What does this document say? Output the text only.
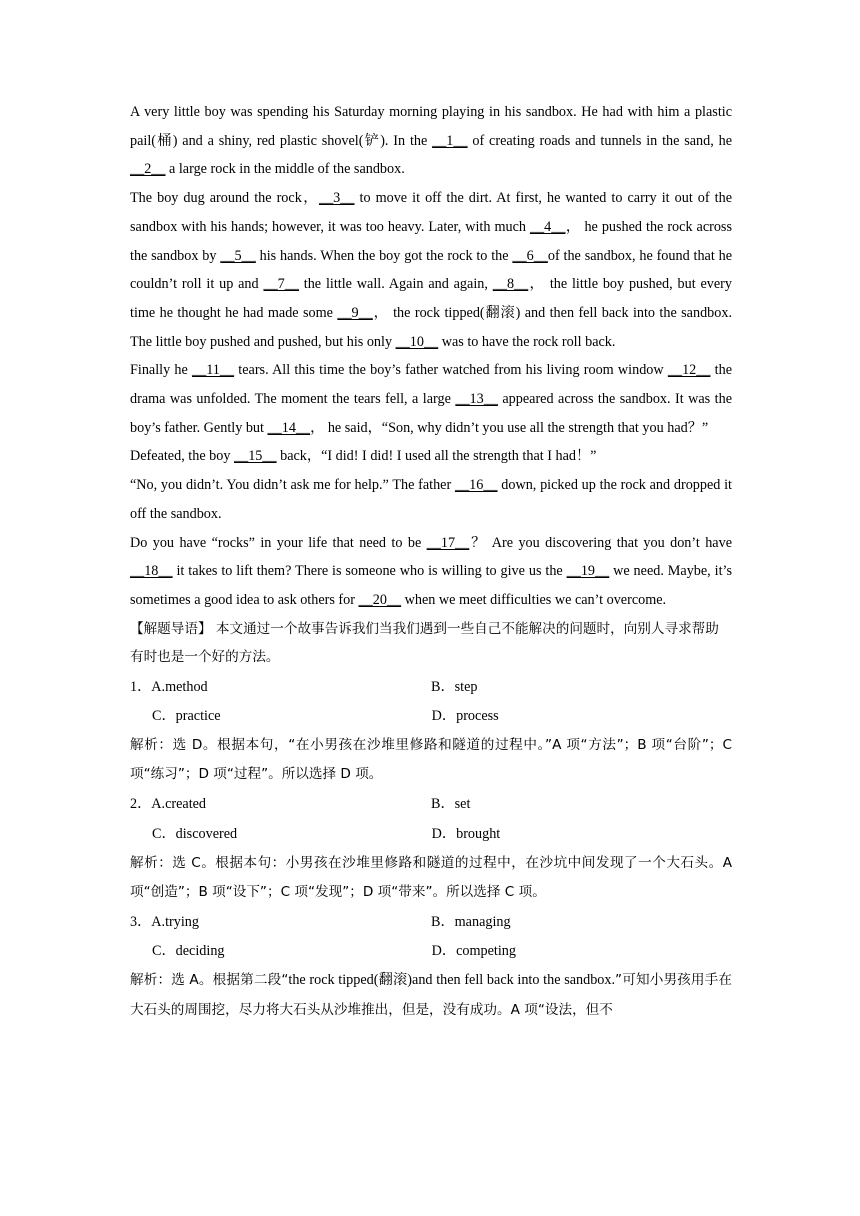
A very little boy was spending his Saturday morning playing in his sandbox. He had with him a plastic pail(桶) and a shiny, red plastic shovel(铲). In the __1__ of creating roads and tunnels in the sand, he __2__ a large rock in the middle of the sandbox.

The boy dug around the rock，__3__ to move it off the dirt. At first, he wanted to carry it out of the sandbox with his hands; however, it was too heavy. Later, with much __4__， he pushed the rock across the sandbox by __5__ his hands. When the boy got the rock to the __6__of the sandbox, he found that he couldn’t roll it up and __7__ the little wall. Again and again, __8__， the little boy pushed, but every time he thought he had made some __9__， the rock tipped(翻滚) and then fell back into the sandbox. The little boy pushed and pushed, but his only __10__ was to have the rock roll back.

Finally he __11__ tears. All this time the boy’s father watched from his living room window __12__ the drama was unfolded. The moment the tears fell, a large __13__ appeared across the sandbox. It was the boy’s father. Gently but __14__， he said，“Son, why didn’t you use all the strength that you had？”

Defeated, the boy __15__ back，“I did! I did! I used all the strength that I had！”

“No, you didn’t. You didn’t ask me for help.” The father __16__ down, picked up the rock and dropped it off the sandbox.

Do you have “rocks” in your life that need to be __17__？ Are you discovering that you don’t have __18__ it takes to lift them? There is someone who is willing to give us the __19__ we need. Maybe, it’s sometimes a good idea to ask others for __20__ when we meet difficulties we can’t overcome.

【解题导语】 本文通过一个故事告诉我们当我们遇到一些自己不能解决的问题时，向别人寻求帮助有时也是一个好的方法。

1．A.method	B．step
C．practice	D．process

解析：选 D。根据本句，“在小男孩在沙堆里修路和隧道的过程中。”A 项“方法”；B 项“台阶”；C 项“练习”；D 项“过程”。所以选择 D 项。

2．A.created	B．set
C．discovered	D．brought

解析：选 C。根据本句：小男孩在沙堆里修路和隧道的过程中，在沙坑中间发现了一个大石头。A 项“创造”；B 项“设下”；C 项“发现”；D 项“带来”。所以选择 C 项。

3．A.trying	B．managing
C．deciding	D．competing

解析：选 A。根据第二段“the rock tipped(翻滚)and then fell back into the sandbox.”可知小男孩用手在大石头的周围挖，尽力将大石头从沙堆推出，但是，没有成功。A 项“设法，但不
